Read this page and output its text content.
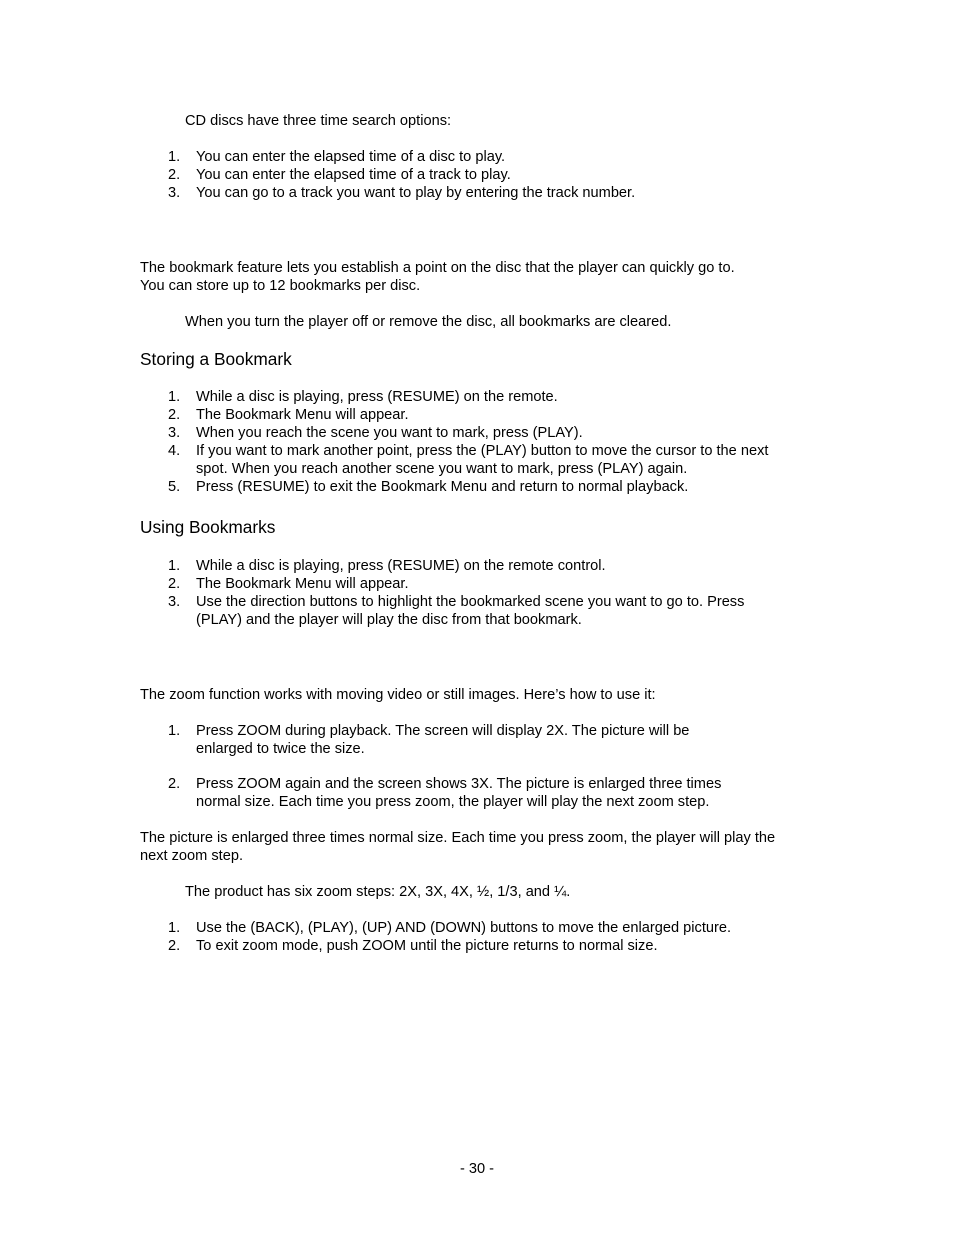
CD discs have three time search options:

1. You can enter the elapsed time of a disc to play.
2. You can enter the elapsed time of a track to play.
3. You can go to a track you want to play by entering the track number.

The bookmark feature lets you establish a point on the disc that the player can quickly go to.
You can store up to 12 bookmarks per disc.

When you turn the player off or remove the disc, all bookmarks are cleared.

Storing a Bookmark
1. While a disc is playing, press (RESUME) on the remote.
2. The Bookmark Menu will appear.
3. When you reach the scene you want to mark, press (PLAY).
4. If you want to mark another point, press the (PLAY) button to move the cursor to the next spot. When you reach another scene you want to mark, press (PLAY) again.
5. Press (RESUME) to exit the Bookmark Menu and return to normal playback.
Using Bookmarks
1. While a disc is playing, press (RESUME) on the remote control.
2. The Bookmark Menu will appear.
3. Use the direction buttons to highlight the bookmarked scene you want to go to. Press (PLAY) and the player will play the disc from that bookmark.

The zoom function works with moving video or still images. Here’s how to use it:

1. Press ZOOM during playback. The screen will display 2X. The picture will be enlarged to twice the size.
2. Press ZOOM again and the screen shows 3X. The picture is enlarged three times normal size. Each time you press zoom, the player will play the next zoom step.

The picture is enlarged three times normal size. Each time you press zoom, the player will play the next zoom step.

The product has six zoom steps: 2X, 3X, 4X, ½, 1/3, and ¼.

1. Use the (BACK), (PLAY), (UP) AND (DOWN) buttons to move the enlarged picture.
2. To exit zoom mode, push ZOOM until the picture returns to normal size.
- 30 -
